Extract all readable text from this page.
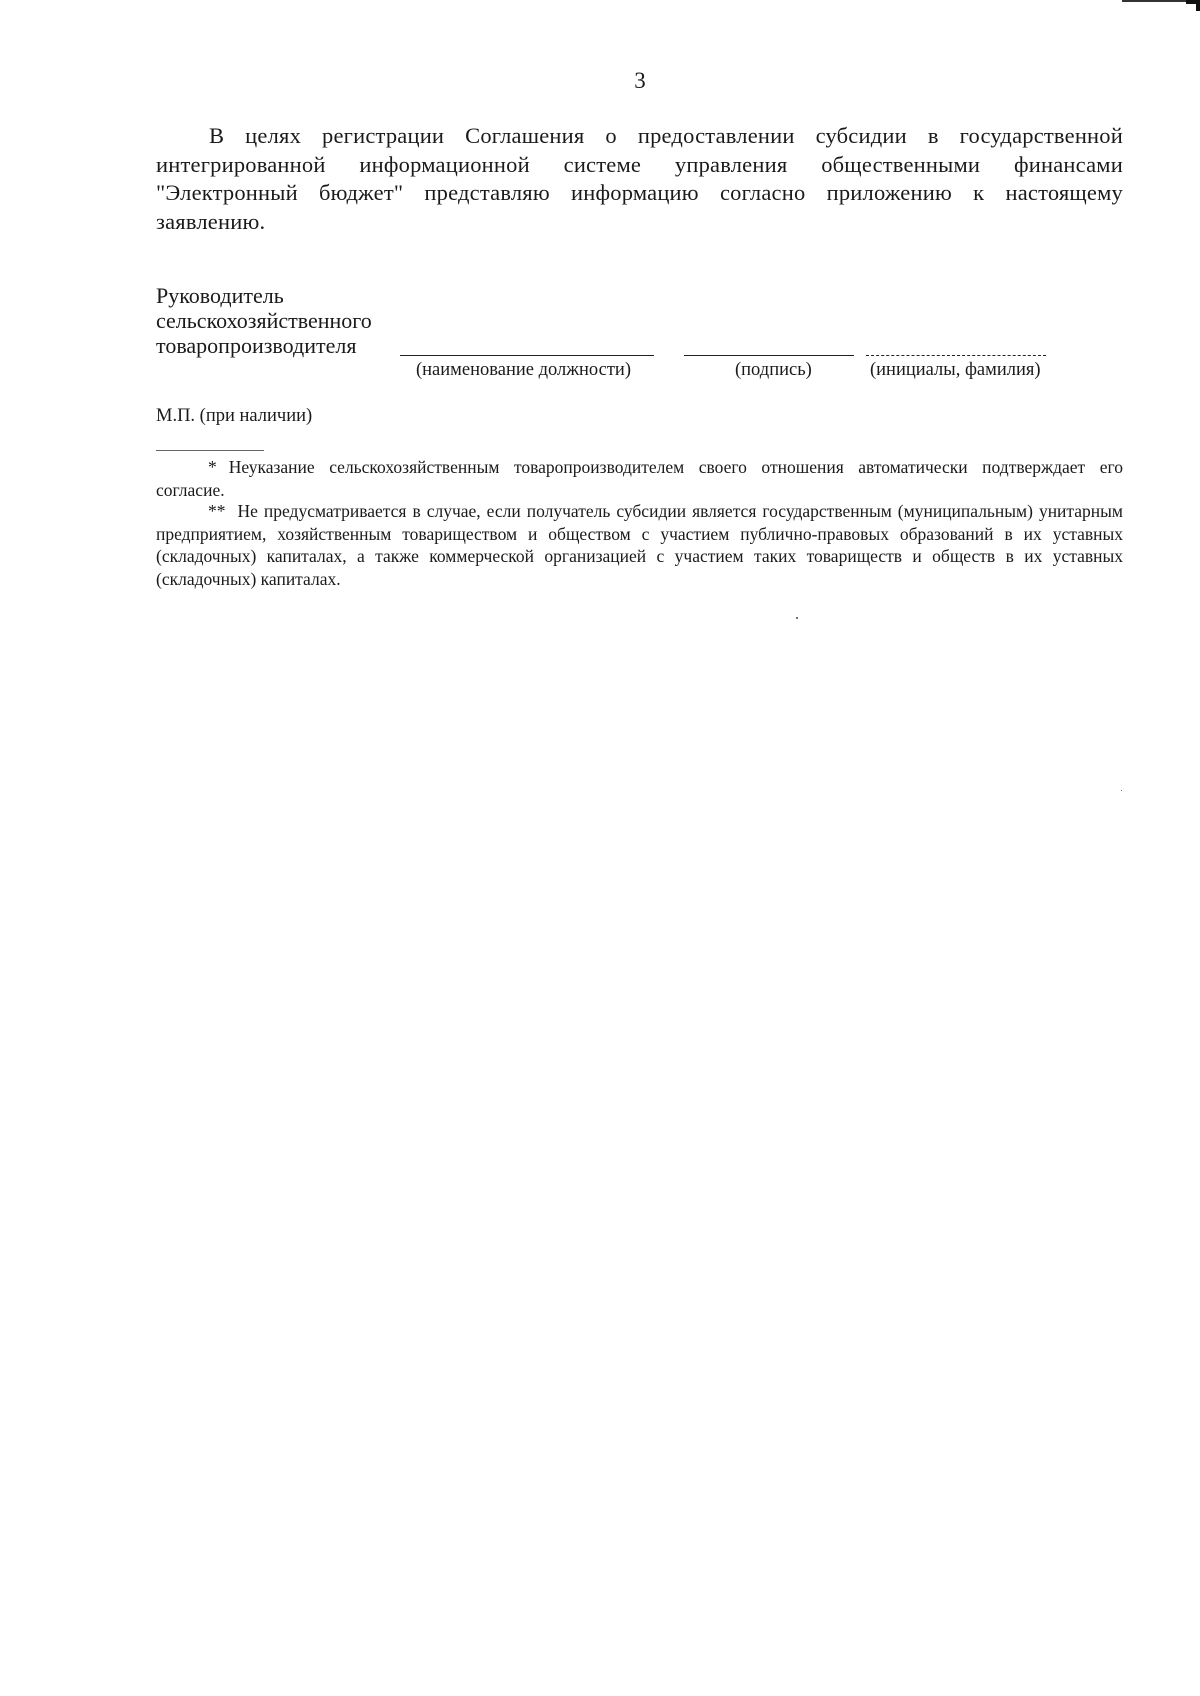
3
В целях регистрации Соглашения о предоставлении субсидии в государственной интегрированной информационной системе управления общественными финансами "Электронный бюджет" представляю информацию согласно приложению к настоящему заявлению.
Руководитель
сельскохозяйственного
товаропроизводителя
(наименование должности)	(подпись)	(инициалы, фамилия)
М.П. (при наличии)
* Неуказание сельскохозяйственным товаропроизводителем своего отношения автоматически подтверждает его согласие.
** Не предусматривается в случае, если получатель субсидии является государственным (муниципальным) унитарным предприятием, хозяйственным товариществом и обществом с участием публично-правовых образований в их уставных (складочных) капиталах, а также коммерческой организацией с участием таких товариществ и обществ в их уставных (складочных) капиталах.
